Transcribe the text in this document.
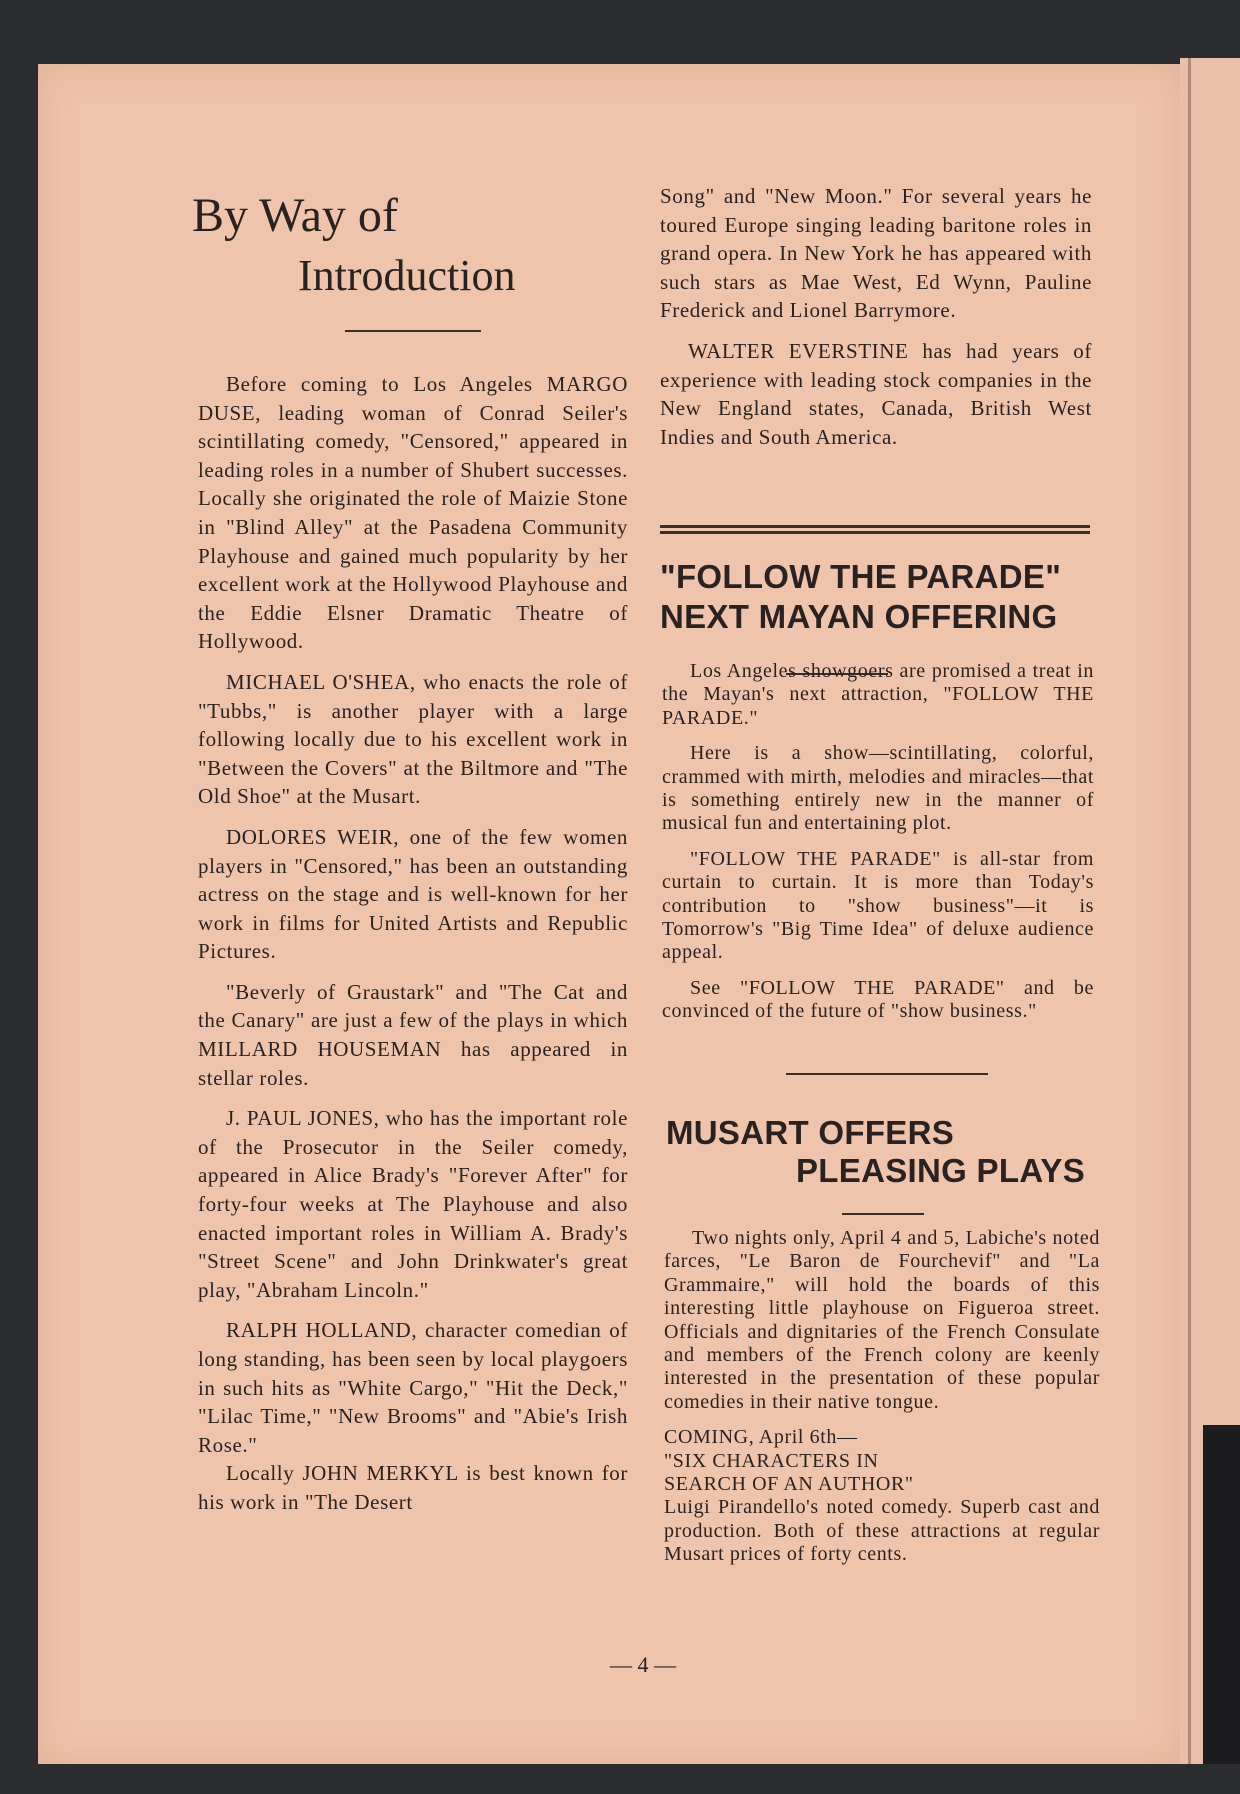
By Way of
Introduction

Before coming to Los Angeles MARGO DUSE, leading woman of Conrad Seiler's scintillating comedy, "Censored," appeared in leading roles in a number of Shubert successes. Locally she originated the role of Maizie Stone in "Blind Alley" at the Pasadena Community Playhouse and gained much popularity by her excellent work at the Hollywood Playhouse and the Eddie Elsner Dramatic Theatre of Hollywood.

MICHAEL O'SHEA, who enacts the role of "Tubbs," is another player with a large following locally due to his excellent work in "Between the Covers" at the Biltmore and "The Old Shoe" at the Musart.

DOLORES WEIR, one of the few women players in "Censored," has been an outstanding actress on the stage and is well-known for her work in films for United Artists and Republic Pictures.

"Beverly of Graustark" and "The Cat and the Canary" are just a few of the plays in which MILLARD HOUSEMAN has appeared in stellar roles.

J. PAUL JONES, who has the important role of the Prosecutor in the Seiler comedy, appeared in Alice Brady's "Forever After" for forty-four weeks at The Playhouse and also enacted important roles in William A. Brady's "Street Scene" and John Drinkwater's great play, "Abraham Lincoln."

RALPH HOLLAND, character comedian of long standing, has been seen by local playgoers in such hits as "White Cargo," "Hit the Deck," "Lilac Time," "New Brooms" and "Abie's Irish Rose."

Locally JOHN MERKYL is best known for his work in "The Desert

Song" and "New Moon." For several years he toured Europe singing leading baritone roles in grand opera. In New York he has appeared with such stars as Mae West, Ed Wynn, Pauline Frederick and Lionel Barrymore.

WALTER EVERSTINE has had years of experience with leading stock companies in the New England states, Canada, British West Indies and South America.

"FOLLOW THE PARADE"
NEXT MAYAN OFFERING

Los Angeles showgoers are promised a treat in the Mayan's next attraction, "FOLLOW THE PARADE."

Here is a show—scintillating, colorful, crammed with mirth, melodies and miracles—that is something entirely new in the manner of musical fun and entertaining plot.

"FOLLOW THE PARADE" is all-star from curtain to curtain. It is more than Today's contribution to "show business"—it is Tomorrow's "Big Time Idea" of deluxe audience appeal.

See "FOLLOW THE PARADE" and be convinced of the future of "show business."

MUSART OFFERS
PLEASING PLAYS

Two nights only, April 4 and 5, Labiche's noted farces, "Le Baron de Fourchevif" and "La Grammaire," will hold the boards of this interesting little playhouse on Figueroa street. Officials and dignitaries of the French Consulate and members of the French colony are keenly interested in the presentation of these popular comedies in their native tongue.

COMING, April 6th—

"SIX CHARACTERS IN

SEARCH OF AN AUTHOR"

Luigi Pirandello's noted comedy. Superb cast and production. Both of these attractions at regular Musart prices of forty cents.

— 4 —
